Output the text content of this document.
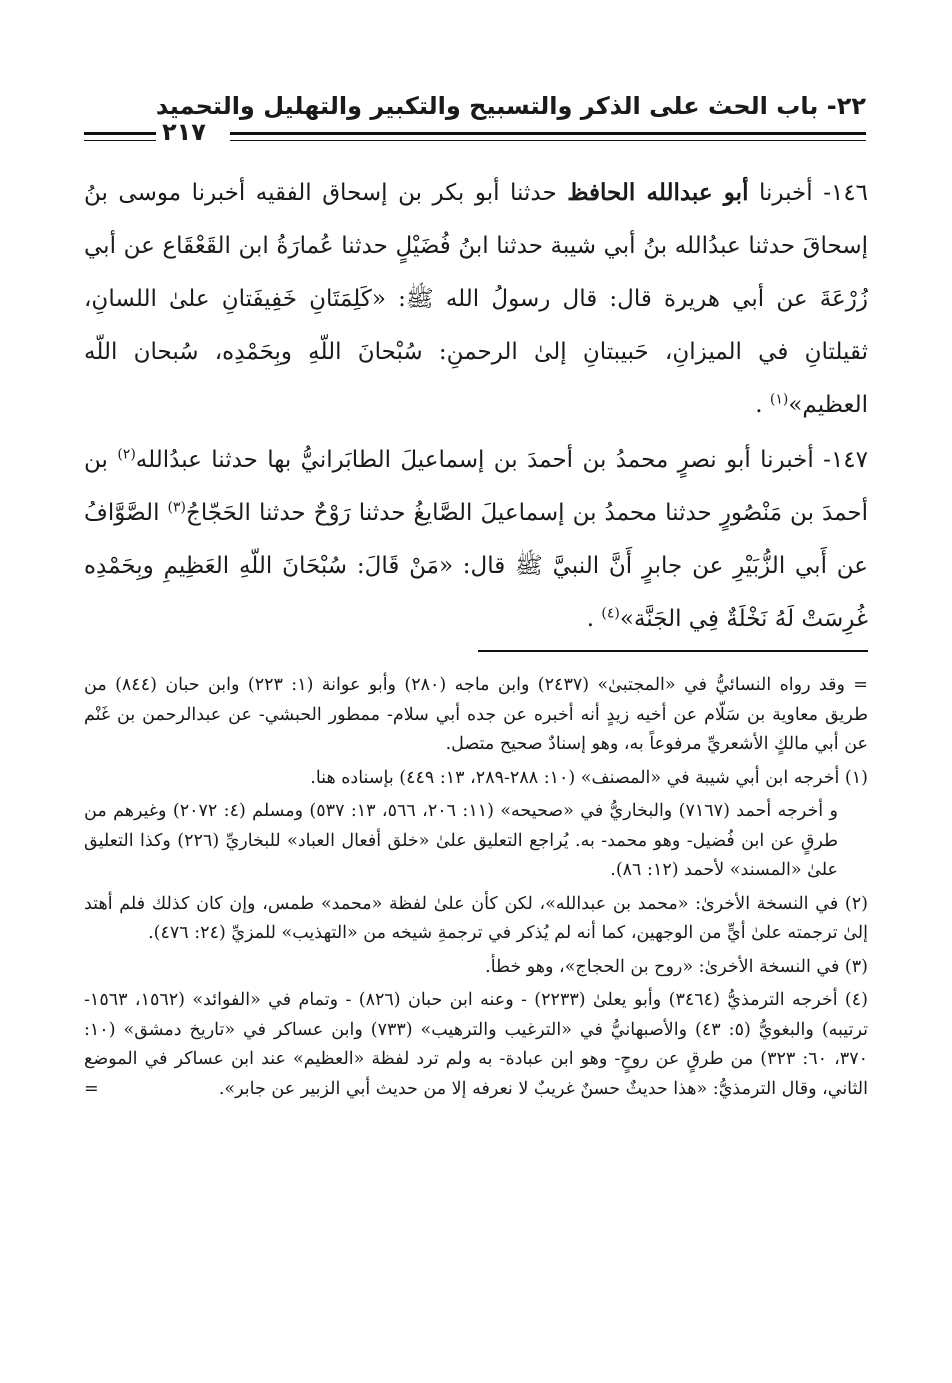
٢٢- باب الحث على الذكر والتسبيح والتكبير والتهليل والتحميد
٢١٧
١٤٦- أخبرنا أبو عبدالله الحافظ حدثنا أبو بكر بن إسحاق الفقيه أخبرنا موسى بنُ إسحاقَ حدثنا عبدُالله بنُ أبي شيبة حدثنا ابنُ فُضَيْلٍ حدثنا عُمارَةُ ابن القَعْقَاع عن أبي زُرْعَةَ عن أبي هريرة قال: قال رسولُ الله ﷺ: «كَلِمَتَانِ خَفِيفَتانِ علىٰ اللسانِ، ثقيلتانِ في الميزانِ، حَبيبتانِ إلىٰ الرحمنِ: سُبْحانَ اللّهِ وبِحَمْدِه، سُبحان اللّه العظيم»$^{(١)}$ .
١٤٧- أخبرنا أبو نصرٍ محمدُ بن أحمدَ بن إسماعيلَ الطابَرانيُّ بها حدثنا عبدُالله$^{(٢)}$ بن أحمدَ بن مَنْصُورٍ حدثنا محمدُ بن إسماعيلَ الصَّايغُ حدثنا رَوْحٌ حدثنا الحَجّاجُ$^{(٣)}$ الصَّوَّافُ عن أَبي الزُّبَيْرِ عن جابرٍ أَنَّ النبيَّ ﷺ قال: «مَنْ قَالَ: سُبْحَانَ اللّهِ العَظِيمِ وبِحَمْدِه غُرِسَتْ لَهُ نَخْلَةٌ فِي الجَنَّة»$^{(٤)}$ .

= وقد رواه النسائيُّ في «المجتبىٰ» (٢٤٣٧) وابن ماجه (٢٨٠) وأبو عوانة (١: ٢٢٣) وابن حبان (٨٤٤) من طريق معاوية بن سَلّام عن أخيه زيدٍ أنه أخبره عن جده أبي سلام- ممطور الحبشي- عن عبدالرحمن بن غَنْم عن أبي مالكٍ الأشعريِّ مرفوعاً به، وهو إسنادٌ صحيح متصل.

(١) أخرجه ابن أبي شيبة في «المصنف» (١٠: ٢٨٨-٢٨٩، ١٣: ٤٤٩) بإسناده هنا.

و أخرجه أحمد (٧١٦٧) والبخاريُّ في «صحيحه» (١١: ٢٠٦، ٥٦٦، ١٣: ٥٣٧) ومسلم (٤: ٢٠٧٢) وغيرهم من طرقٍ عن ابن فُضيل- وهو محمد- به. يُراجع التعليق علىٰ «خلق أفعال العباد» للبخاريِّ (٢٢٦) وكذا التعليق علىٰ «المسند» لأحمد (١٢: ٨٦).

(٢) في النسخة الأخرىٰ: «محمد بن عبدالله»، لكن كأن علىٰ لفظة «محمد» طمس، وإن كان كذلك فلم أهتد إلىٰ ترجمته علىٰ أيٍّ من الوجهين، كما أنه لم يُذكر في ترجمةِ شيخه من «التهذيب» للمزيِّ (٢٤: ٤٧٦).

(٣) في النسخة الأخرىٰ: «روح بن الحجاج»، وهو خطأ.

(٤) أخرجه الترمذيُّ (٣٤٦٤) وأبو يعلىٰ (٢٢٣٣) - وعنه ابن حبان (٨٢٦) - وتمام في «الفوائد» (١٥٦٢، ١٥٦٣- ترتيبه) والبغويُّ (٥: ٤٣) والأصبهانيُّ في «الترغيب والترهيب» (٧٣٣) وابن عساكر في «تاريخ دمشق» (١٠: ٣٧٠، ٦٠: ٣٢٣) من طرقٍ عن روحٍ- وهو ابن عبادة- به ولم ترد لفظة «العظيم» عند ابن عساكر في الموضع الثاني، وقال الترمذيُّ: «هذا حديثٌ حسنٌ غريبٌ لا نعرفه إلا من حديث أبي الزبير عن جابر».
=
